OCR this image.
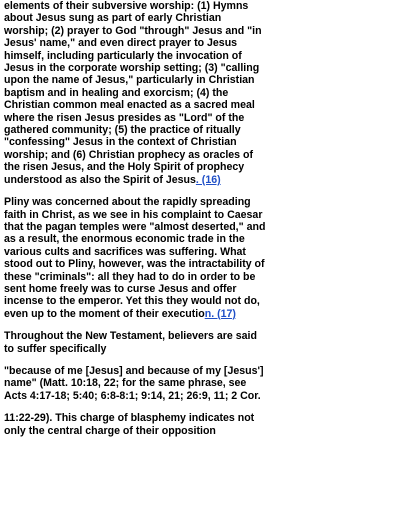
elements of their subversive worship: (1) Hymns about Jesus sung as part of early Christian worship; (2) prayer to God "through" Jesus and "in Jesus' name," and even direct prayer to Jesus himself, including particularly the invocation of Jesus in the corporate worship setting; (3) "calling upon the name of Jesus," particularly in Christian baptism and in healing and exorcism; (4) the Christian common meal enacted as a sacred meal where the risen Jesus presides as "Lord" of the gathered community; (5) the practice of ritually "confessing" Jesus in the context of Christian worship; and (6) Christian prophecy as oracles of the risen Jesus, and the Holy Spirit of prophecy understood as also the Spirit of Jesus. (16)

Pliny was concerned about the rapidly spreading faith in Christ, as we see in his complaint to Caesar that the pagan temples were "almost deserted," and as a result, the enormous economic trade in the various cults and sacrifices was suffering. What stood out to Pliny, however, was the intractability of these "criminals": all they had to do in order to be sent home freely was to curse Jesus and offer incense to the emperor. Yet this they would not do, even up to the moment of their execution. (17)

Throughout the New Testament, believers are said to suffer specifically

"because of me [Jesus] and because of my [Jesus'] name" (Matt. 10:18, 22; for the same phrase, see Acts 4:17-18; 5:40; 6:8-8:1; 9:14, 21; 26:9, 11; 2 Cor.

11:22-29). This charge of blasphemy indicates not only the central charge of their opposition
